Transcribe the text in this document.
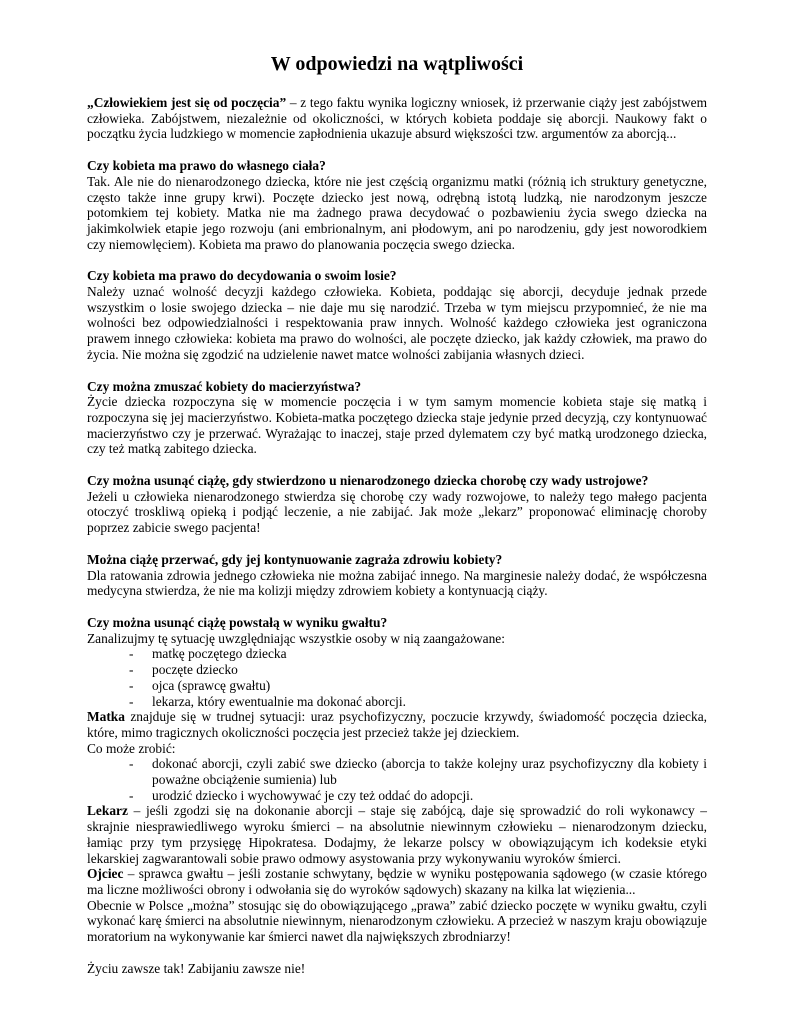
W odpowiedzi na wątpliwości

„Człowiekiem jest się od poczęcia” – z tego faktu wynika logiczny wniosek, iż przerwanie ciąży jest zabójstwem człowieka. Zabójstwem, niezależnie od okoliczności, w których kobieta poddaje się aborcji. Naukowy fakt o początku życia ludzkiego w momencie zapłodnienia ukazuje absurd większości tzw. argumentów za aborcją...

Czy kobieta ma prawo do własnego ciała?

Tak. Ale nie do nienarodzonego dziecka, które nie jest częścią organizmu matki (różnią ich struktury genetyczne, często także inne grupy krwi). Poczęte dziecko jest nową, odrębną istotą ludzką, nie narodzonym jeszcze potomkiem tej kobiety. Matka nie ma żadnego prawa decydować o pozbawieniu życia swego dziecka na jakimkolwiek etapie jego rozwoju (ani embrionalnym, ani płodowym, ani po narodzeniu, gdy jest noworodkiem czy niemowlęciem). Kobieta ma prawo do planowania poczęcia swego dziecka.

Czy kobieta ma prawo do decydowania o swoim losie?

Należy uznać wolność decyzji każdego człowieka. Kobieta, poddając się aborcji, decyduje jednak przede wszystkim o losie swojego dziecka – nie daje mu się narodzić. Trzeba w tym miejscu przypomnieć, że nie ma wolności bez odpowiedzialności i respektowania praw innych. Wolność każdego człowieka jest ograniczona prawem innego człowieka: kobieta ma prawo do wolności, ale poczęte dziecko, jak każdy człowiek, ma prawo do życia. Nie można się zgodzić na udzielenie nawet matce wolności zabijania własnych dzieci.

Czy można zmuszać kobiety do macierzyństwa?

Życie dziecka rozpoczyna się w momencie poczęcia i w tym samym momencie kobieta staje się matką i rozpoczyna się jej macierzyństwo. Kobieta-matka poczętego dziecka staje jedynie przed decyzją, czy kontynuować macierzyństwo czy je przerwać. Wyrażając to inaczej, staje przed dylematem czy być matką urodzonego dziecka, czy też matką zabitego dziecka.

Czy można usunąć ciążę, gdy stwierdzono u nienarodzonego dziecka chorobę czy wady ustrojowe?

Jeżeli u człowieka nienarodzonego stwierdza się chorobę czy wady rozwojowe, to należy tego małego pacjenta otoczyć troskliwą opieką i podjąć leczenie, a nie zabijać. Jak może „lekarz” proponować eliminację choroby poprzez zabicie swego pacjenta!

Można ciążę przerwać, gdy jej kontynuowanie zagraża zdrowiu kobiety?

Dla ratowania zdrowia jednego człowieka nie można zabijać innego. Na marginesie należy dodać, że współczesna medycyna stwierdza, że nie ma kolizji między zdrowiem kobiety a kontynuacją ciąży.

Czy można usunąć ciążę powstałą w wyniku gwałtu?

Zanalizujmy tę sytuację uwzględniając wszystkie osoby w nią zaangażowane:

- matkę poczętego dziecka
- poczęte dziecko
- ojca (sprawcę gwałtu)
- lekarza, który ewentualnie ma dokonać aborcji.

Matka znajduje się w trudnej sytuacji: uraz psychofizyczny, poczucie krzywdy, świadomość poczęcia dziecka, które, mimo tragicznych okoliczności poczęcia jest przecież także jej dzieckiem.

Co może zrobić:

- dokonać aborcji, czyli zabić swe dziecko (aborcja to także kolejny uraz psychofizyczny dla kobiety i poważne obciążenie sumienia) lub
- urodzić dziecko i wychowywać je czy też oddać do adopcji.

Lekarz – jeśli zgodzi się na dokonanie aborcji – staje się zabójcą, daje się sprowadzić do roli wykonawcy – skrajnie niesprawiedliwego wyroku śmierci – na absolutnie niewinnym człowieku – nienarodzonym dziecku, łamiąc przy tym przysięgę Hipokratesa. Dodajmy, że lekarze polscy w obowiązującym ich kodeksie etyki lekarskiej zagwarantowali sobie prawo odmowy asystowania przy wykonywaniu wyroków śmierci.

Ojciec – sprawca gwałtu – jeśli zostanie schwytany, będzie w wyniku postępowania sądowego (w czasie którego ma liczne możliwości obrony i odwołania się do wyroków sądowych) skazany na kilka lat więzienia...

Obecnie w Polsce „można” stosując się do obowiązującego „prawa” zabić dziecko poczęte w wyniku gwałtu, czyli wykonać karę śmierci na absolutnie niewinnym, nienarodzonym człowieku. A przecież w naszym kraju obowiązuje moratorium na wykonywanie kar śmierci nawet dla największych zbrodniarzy!

Życiu zawsze tak! Zabijaniu zawsze nie!
